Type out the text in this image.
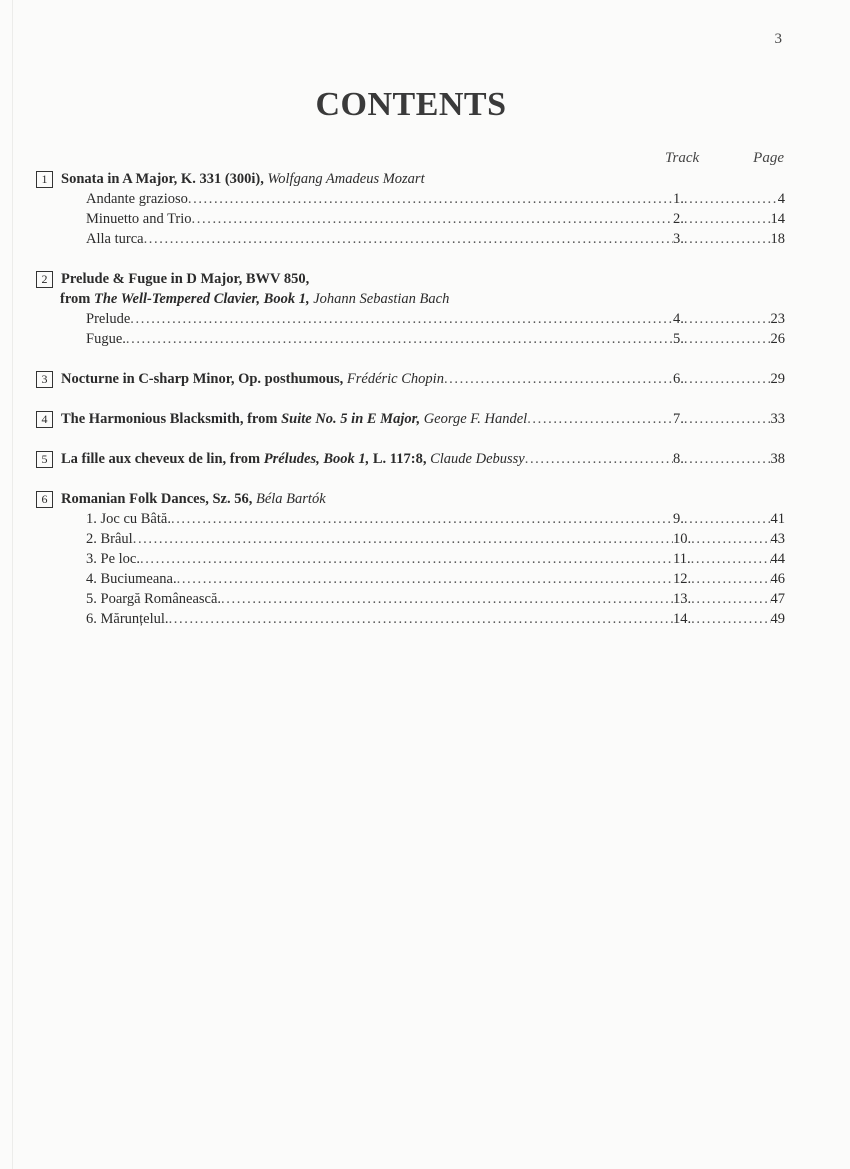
3
CONTENTS
Track	Page
1 Sonata in A Major, K. 331 (300i),
Wolfgang Amadeus Mozart
Andante grazioso .....	1. .....	4
Minuetto and Trio .....	2. .....	14
Alla turca .....	3. .....	18
2 Prelude & Fugue in D Major, BWV 850,
from The Well-Tempered Clavier, Book 1, Johann Sebastian Bach
Prelude .....	4. .....	23
Fugue. .....	5. .....	26
3 Nocturne in C-sharp Minor, Op. posthumous,
Frédéric Chopin .....	6. .....	29
4 The Harmonious Blacksmith, from
Suite No. 5 in E Major,
George F. Handel .....	7. .....	33
5 La fille aux cheveux de lin, from
Préludes, Book 1,
L. 117:8,
Claude Debussy .....	8. .....	38
6 Romanian Folk Dances, Sz. 56,
Béla Bartók
1. Joc cu Bâtă. .....	9. .....	41
2. Brâul .....	10. .....	43
3. Pe loc. .....	11. .....	44
4. Buciumeana. .....	12. .....	46
5. Poargă Românească. .....	13. .....	47
6. Mărunțelul. .....	14. .....	49
